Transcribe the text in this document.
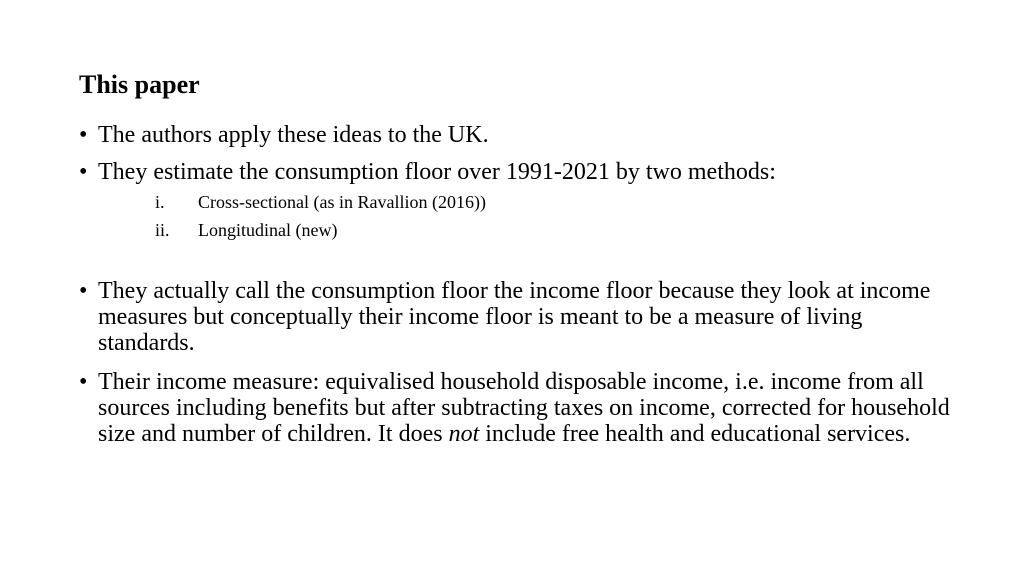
This paper
• The authors apply these ideas to the UK.
• They estimate the consumption floor over 1991-2021 by two methods:
i. Cross-sectional (as in Ravallion (2016))
ii. Longitudinal (new)
• They actually call the consumption floor the income floor because they look at income measures but conceptually their income floor is meant to be a measure of living standards.
• Their income measure: equivalised household disposable income, i.e. income from all sources including benefits but after subtracting taxes on income, corrected for household size and number of children. It does not include free health and educational services.
